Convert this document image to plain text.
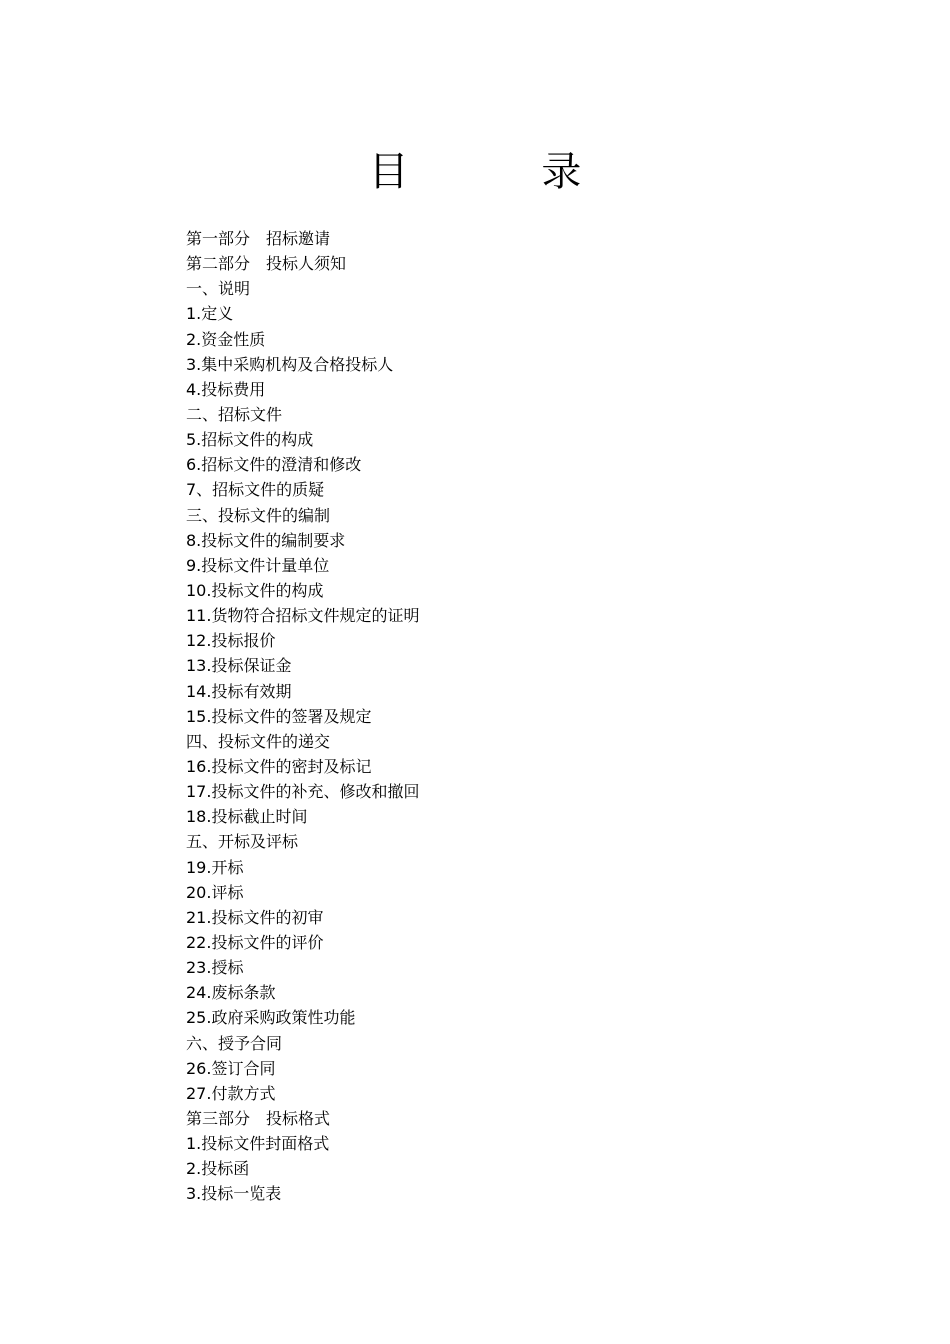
目 录
第一部分　招标邀请
第二部分　投标人须知
一、说明
1.定义
2.资金性质
3.集中采购机构及合格投标人
4.投标费用
二、招标文件
5.招标文件的构成
6.招标文件的澄清和修改
7、招标文件的质疑
三、投标文件的编制
8.投标文件的编制要求
9.投标文件计量单位
10.投标文件的构成
11.货物符合招标文件规定的证明
12.投标报价
13.投标保证金
14.投标有效期
15.投标文件的签署及规定
四、投标文件的递交
16.投标文件的密封及标记
17.投标文件的补充、修改和撤回
18.投标截止时间
五、开标及评标
19.开标
20.评标
21.投标文件的初审
22.投标文件的评价
23.授标
24.废标条款
25.政府采购政策性功能
六、授予合同
26.签订合同
27.付款方式
第三部分　投标格式
1.投标文件封面格式
2.投标函
3.投标一览表
